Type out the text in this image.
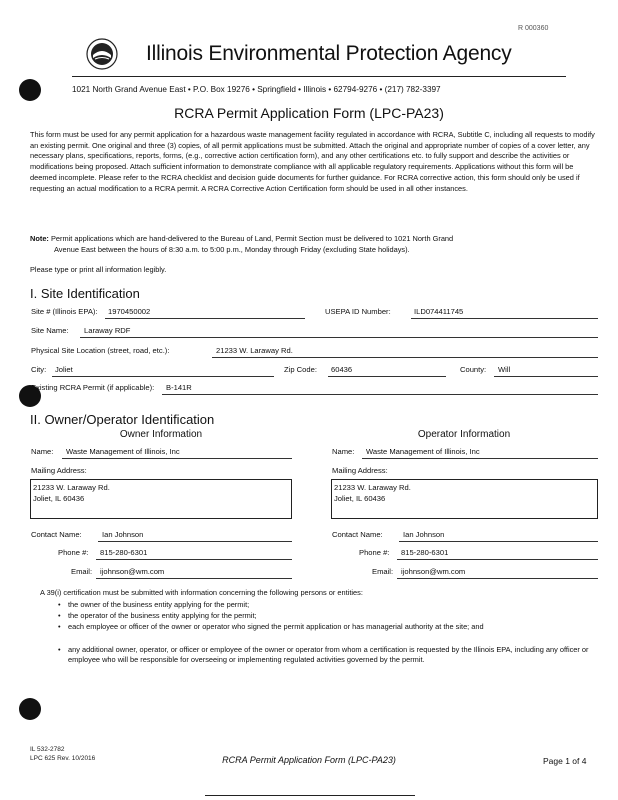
R 000360
Illinois Environmental Protection Agency
1021 North Grand Avenue East • P.O. Box 19276 • Springfield • Illinois • 62794-9276 • (217) 782-3397
RCRA Permit Application Form (LPC-PA23)

This form must be used for any permit application for a hazardous waste management facility regulated in accordance with RCRA, Subtitle C, including all requests to modify an existing permit. One original and three (3) copies, of all permit applications must be submitted. Attach the original and appropriate number of copies of a cover letter, any necessary plans, specifications, reports, forms, (e.g., corrective action certification form), and any other certifications etc. to fully support and describe the activities or modifications being proposed. Attach sufficient information to demonstrate compliance with all applicable regulatory requirements. Applications without this form will be deemed incomplete. Please refer to the RCRA checklist and decision guide documents for further guidance. For RCRA corrective action, this form should only be used if requesting an actual modification to a RCRA permit. A RCRA Corrective Action Certification form should be used in all other instances.

Note: Permit applications which are hand-delivered to the Bureau of Land, Permit Section must be delivered to 1021 North Grand
Avenue East between the hours of 8:30 a.m. to 5:00 p.m., Monday through Friday (excluding State holidays).
Please type or print all information legibly.
I. Site Identification
Site # (Illinois EPA): 1970450002	USEPA ID Number:	ILD074411745
Site Name: Laraway RDF
Physical Site Location (street, road, etc.):	21233 W. Laraway Rd.
City: Joliet	Zip Code: 60436	County: Will
Existing RCRA Permit (if applicable): B-141R
II. Owner/Operator Identification
Owner Information
Name: Waste Management of Illinois, Inc
Mailing Address:
21233 W. Laraway Rd.
Joliet, IL 60436
Contact Name:	Ian Johnson
Phone #: 815-280-6301
Email: ijohnson@wm.com
Operator Information
Name: Waste Management of Illinois, Inc
Mailing Address:
21233 W. Laraway Rd.
Joliet, IL 60436
Contact Name:	Ian Johnson
Phone #: 815-280-6301
Email: ijohnson@wm.com
A 39(i) certification must be submitted with information concerning the following persons or entities:
• the owner of the business entity applying for the permit;
• the operator of the business entity applying for the permit;
• each employee or officer of the owner or operator who signed the permit application or has managerial authority at the site; and
• any additional owner, operator, or officer or employee of the owner or operator from whom a certification is requested by the Illinois EPA, including any officer or employee who will be responsible for overseeing or implementing regulated activities governed by the permit.
IL 532-2782
LPC 625 Rev. 10/2016	RCRA Permit Application Form (LPC-PA23)	Page 1 of 4
